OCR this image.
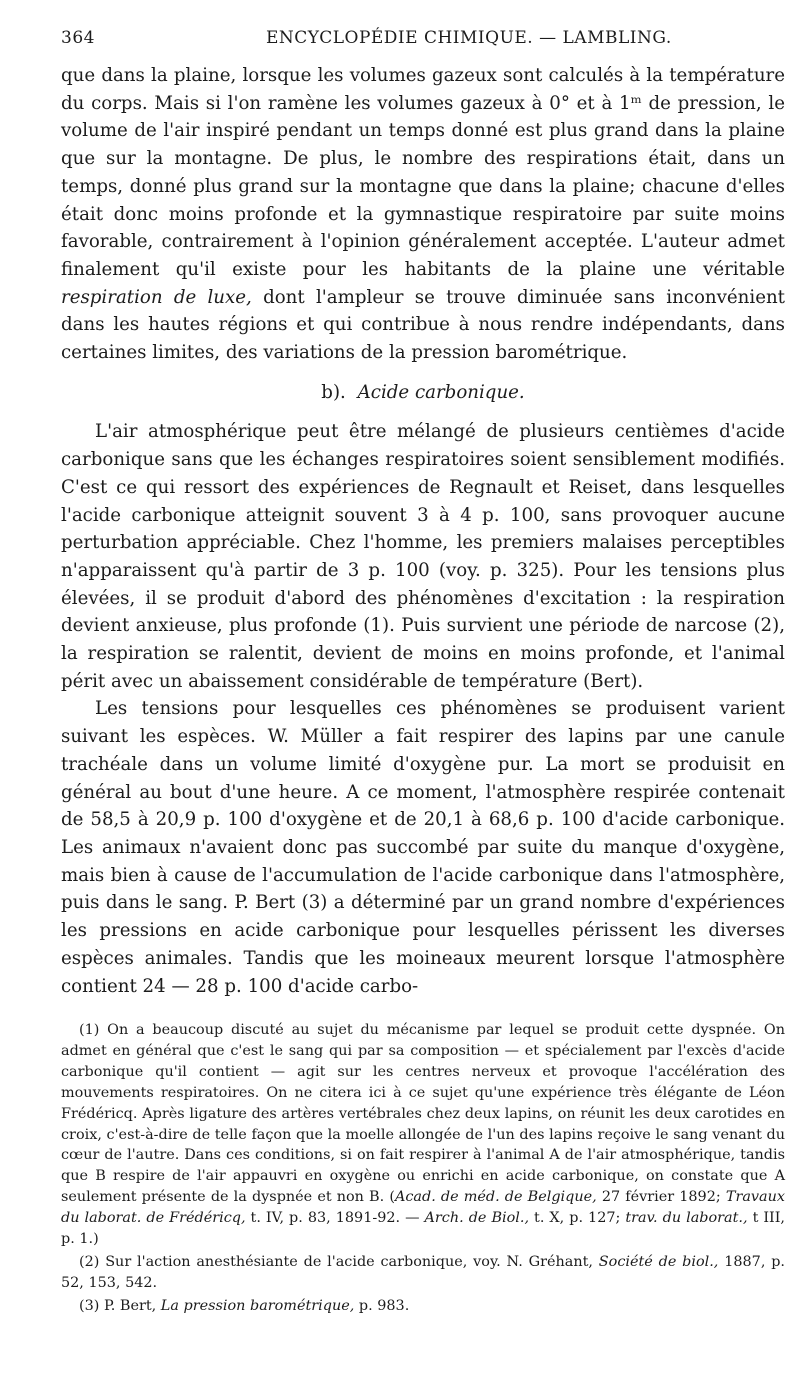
364	ENCYCLOPÉDIE CHIMIQUE. — LAMBLING.

que dans la plaine, lorsque les volumes gazeux sont calculés à la température du corps. Mais si l'on ramène les volumes gazeux à 0° et à 1ᵐ de pression, le volume de l'air inspiré pendant un temps donné est plus grand dans la plaine que sur la montagne. De plus, le nombre des respirations était, dans un temps, donné plus grand sur la montagne que dans la plaine; chacune d'elles était donc moins profonde et la gymnastique respiratoire par suite moins favorable, contrairement à l'opinion généralement acceptée. L'auteur admet finalement qu'il existe pour les habitants de la plaine une véritable respiration de luxe, dont l'ampleur se trouve diminuée sans inconvénient dans les hautes régions et qui contribue à nous rendre indépendants, dans certaines limites, des variations de la pression barométrique.

b). Acide carbonique.

L'air atmosphérique peut être mélangé de plusieurs centièmes d'acide carbonique sans que les échanges respiratoires soient sensiblement modifiés. C'est ce qui ressort des expériences de Regnault et Reiset, dans lesquelles l'acide carbonique atteignit souvent 3 à 4 p. 100, sans provoquer aucune perturbation appréciable. Chez l'homme, les premiers malaises perceptibles n'apparaissent qu'à partir de 3 p. 100 (voy. p. 325). Pour les tensions plus élevées, il se produit d'abord des phénomènes d'excitation : la respiration devient anxieuse, plus profonde (1). Puis survient une période de narcose (2), la respiration se ralentit, devient de moins en moins profonde, et l'animal périt avec un abaissement considérable de température (Bert).

Les tensions pour lesquelles ces phénomènes se produisent varient suivant les espèces. W. Müller a fait respirer des lapins par une canule trachéale dans un volume limité d'oxygène pur. La mort se produisit en général au bout d'une heure. A ce moment, l'atmosphère respirée contenait de 58,5 à 20,9 p. 100 d'oxygène et de 20,1 à 68,6 p. 100 d'acide carbonique. Les animaux n'avaient donc pas succombé par suite du manque d'oxygène, mais bien à cause de l'accumulation de l'acide carbonique dans l'atmosphère, puis dans le sang. P. Bert (3) a déterminé par un grand nombre d'expériences les pressions en acide carbonique pour lesquelles périssent les diverses espèces animales. Tandis que les moineaux meurent lorsque l'atmosphère contient 24 — 28 p. 100 d'acide carbo-

(1) On a beaucoup discuté au sujet du mécanisme par lequel se produit cette dyspnée. On admet en général que c'est le sang qui par sa composition — et spécialement par l'excès d'acide carbonique qu'il contient — agit sur les centres nerveux et provoque l'accélération des mouvements respiratoires. On ne citera ici à ce sujet qu'une expérience très élégante de Léon Frédéricq. Après ligature des artères vertébrales chez deux lapins, on réunit les deux carotides en croix, c'est-à-dire de telle façon que la moelle allongée de l'un des lapins reçoive le sang venant du cœur de l'autre. Dans ces conditions, si on fait respirer à l'animal A de l'air atmosphérique, tandis que B respire de l'air appauvri en oxygène ou enrichi en acide carbonique, on constate que A seulement présente de la dyspnée et non B. (Acad. de méd. de Belgique, 27 février 1892; Travaux du laborat. de Frédéricq, t. IV, p. 83, 1891-92. — Arch. de Biol., t. X, p. 127; trav. du laborat., t III, p. 1.)

(2) Sur l'action anesthésiante de l'acide carbonique, voy. N. Gréhant, Société de biol., 1887, p. 52, 153, 542.

(3) P. Bert, La pression barométrique, p. 983.
